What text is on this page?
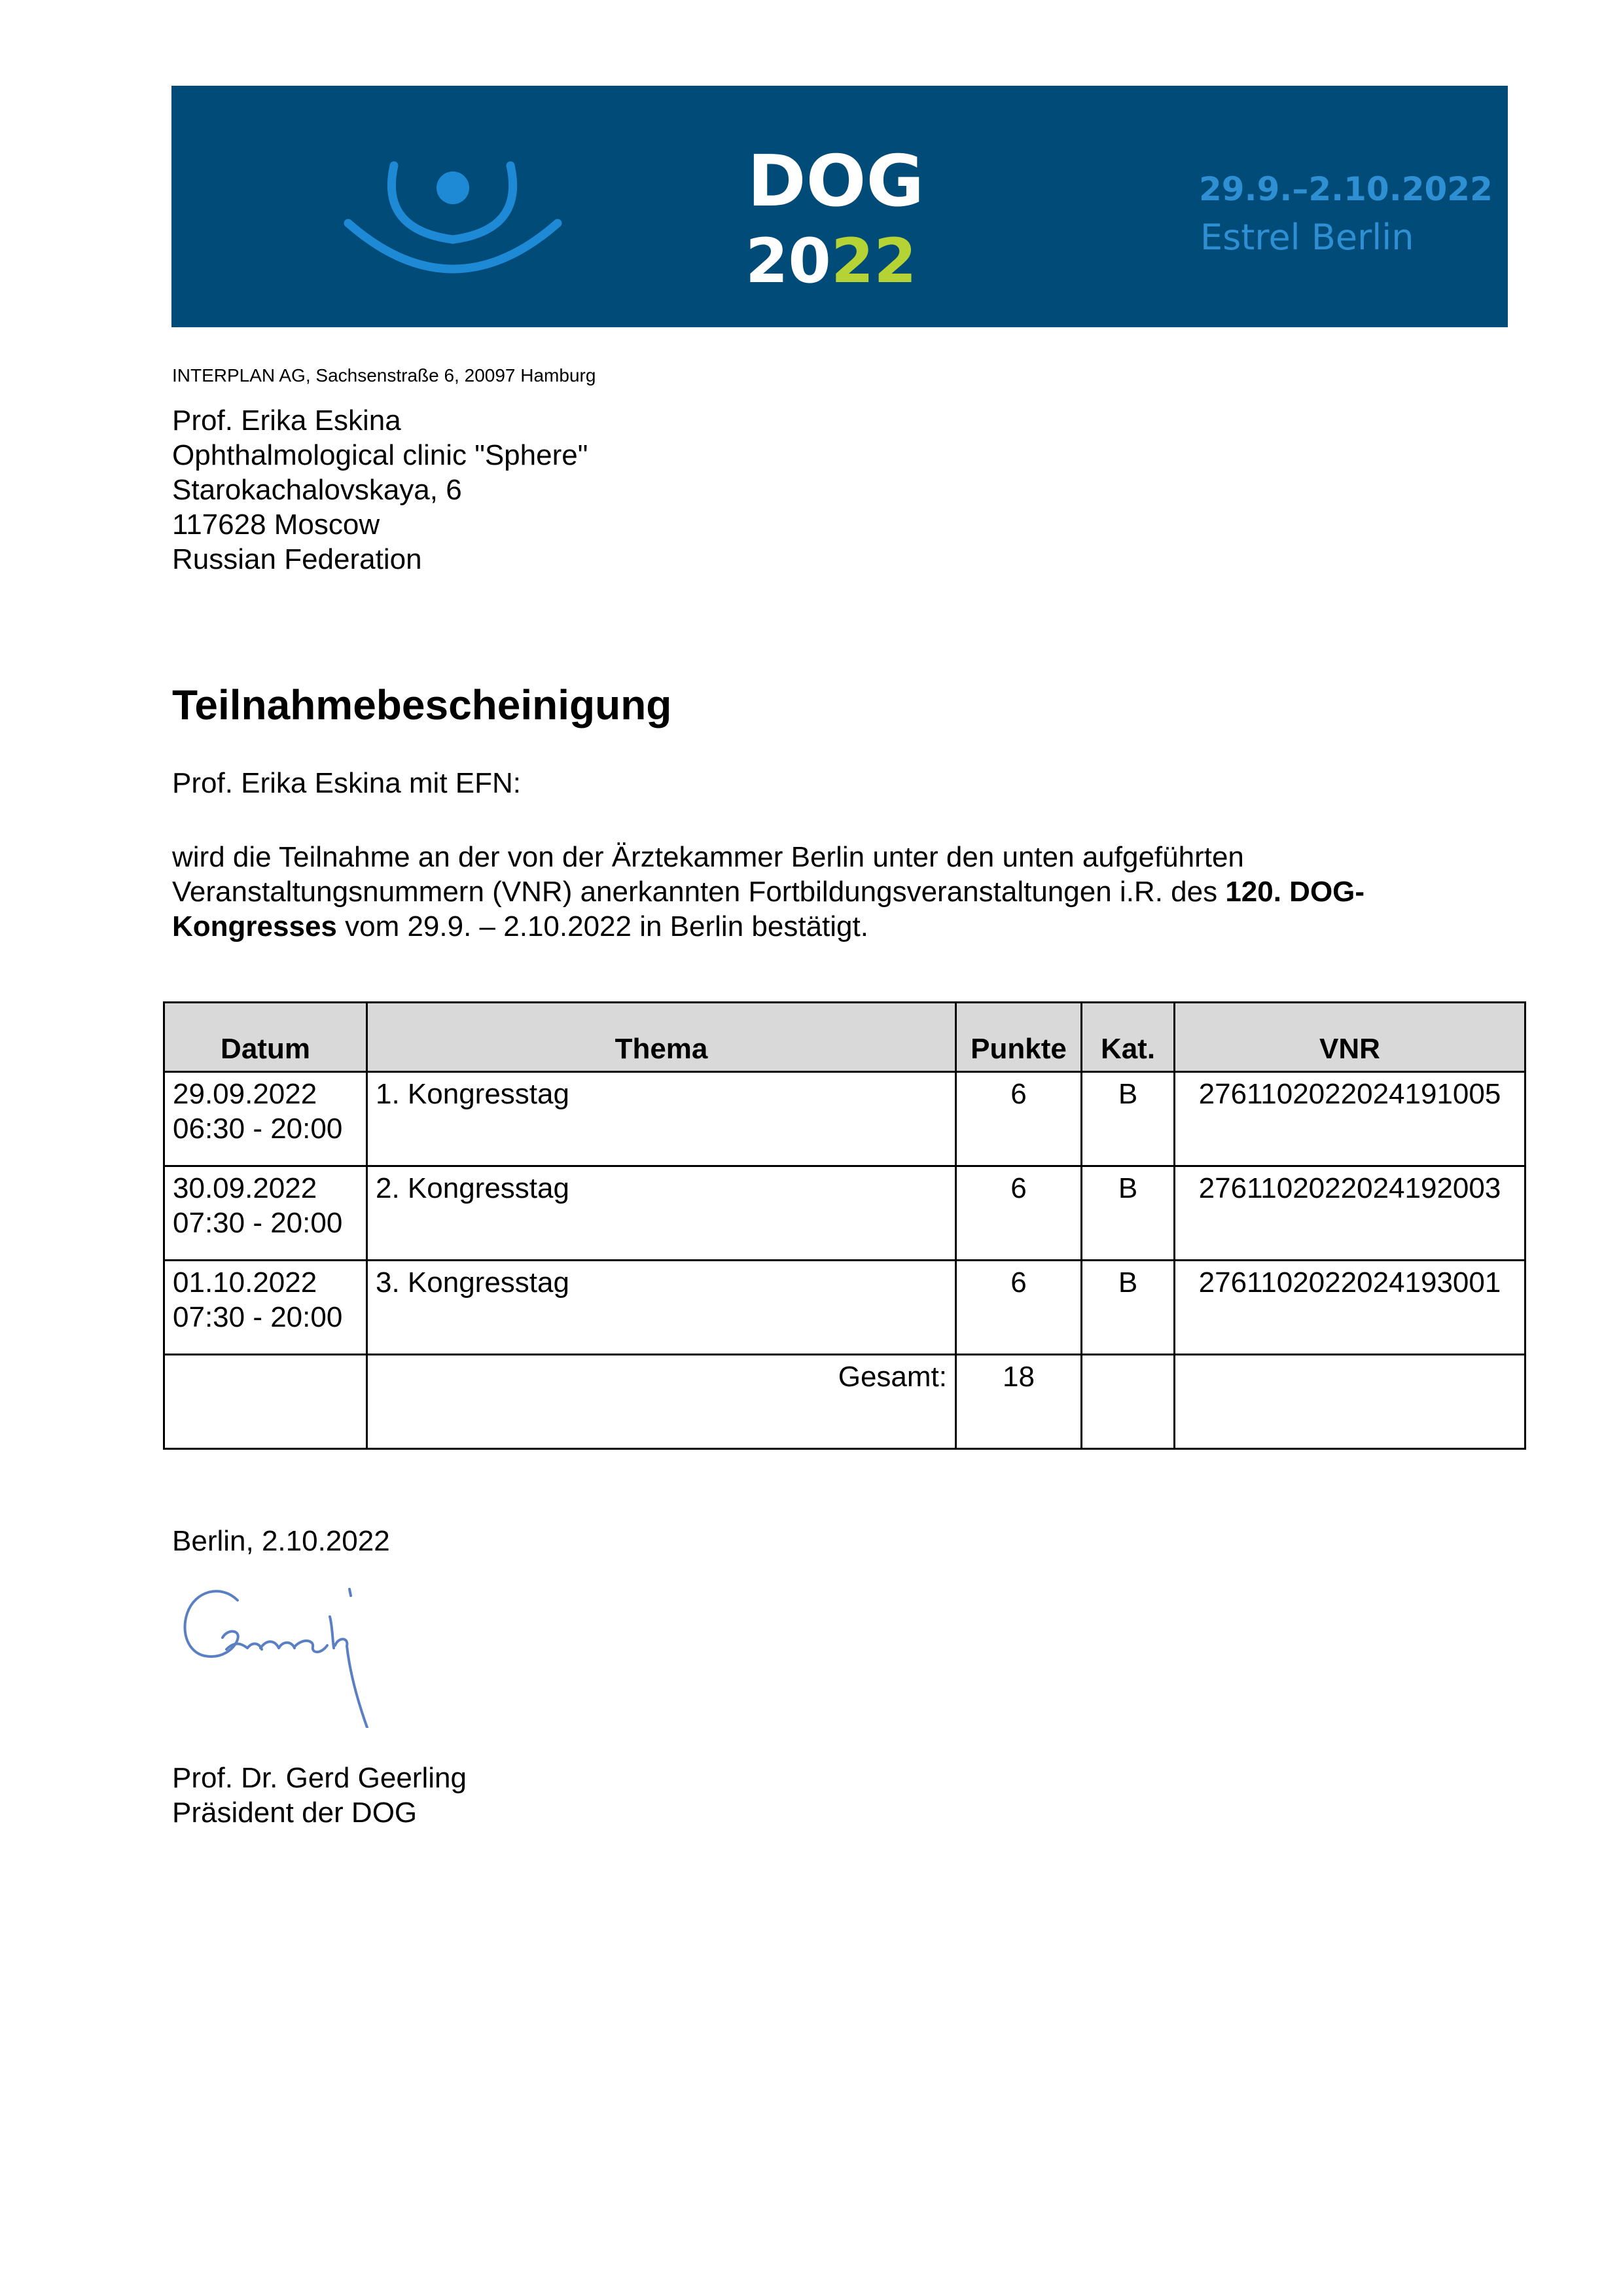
DOG
2022
29.9.–2.10.2022
Estrel Berlin
INTERPLAN AG, Sachsenstraße 6, 20097 Hamburg
Prof. Erika Eskina
Ophthalmological clinic "Sphere"
Starokachalovskaya, 6
117628 Moscow
Russian Federation
Teilnahmebescheinigung
Prof. Erika Eskina mit EFN:
wird die Teilnahme an der von der Ärztekammer Berlin unter den unten aufgeführten
Veranstaltungsnummern (VNR) anerkannten Fortbildungsveranstaltungen i.R. des 120. DOG-
Kongresses vom 29.9. – 2.10.2022 in Berlin bestätigt.
Datum	Thema	Punkte	Kat.	VNR

29.09.2022
06:30 - 20:00	1. Kongresstag	6	B	2761102022024191005

30.09.2022
07:30 - 20:00	2. Kongresstag	6	B	2761102022024192003

01.10.2022
07:30 - 20:00	3. Kongresstag	6	B	2761102022024193001
	Gesamt:	18		
Berlin, 2.10.2022
Prof. Dr. Gerd Geerling
Präsident der DOG
